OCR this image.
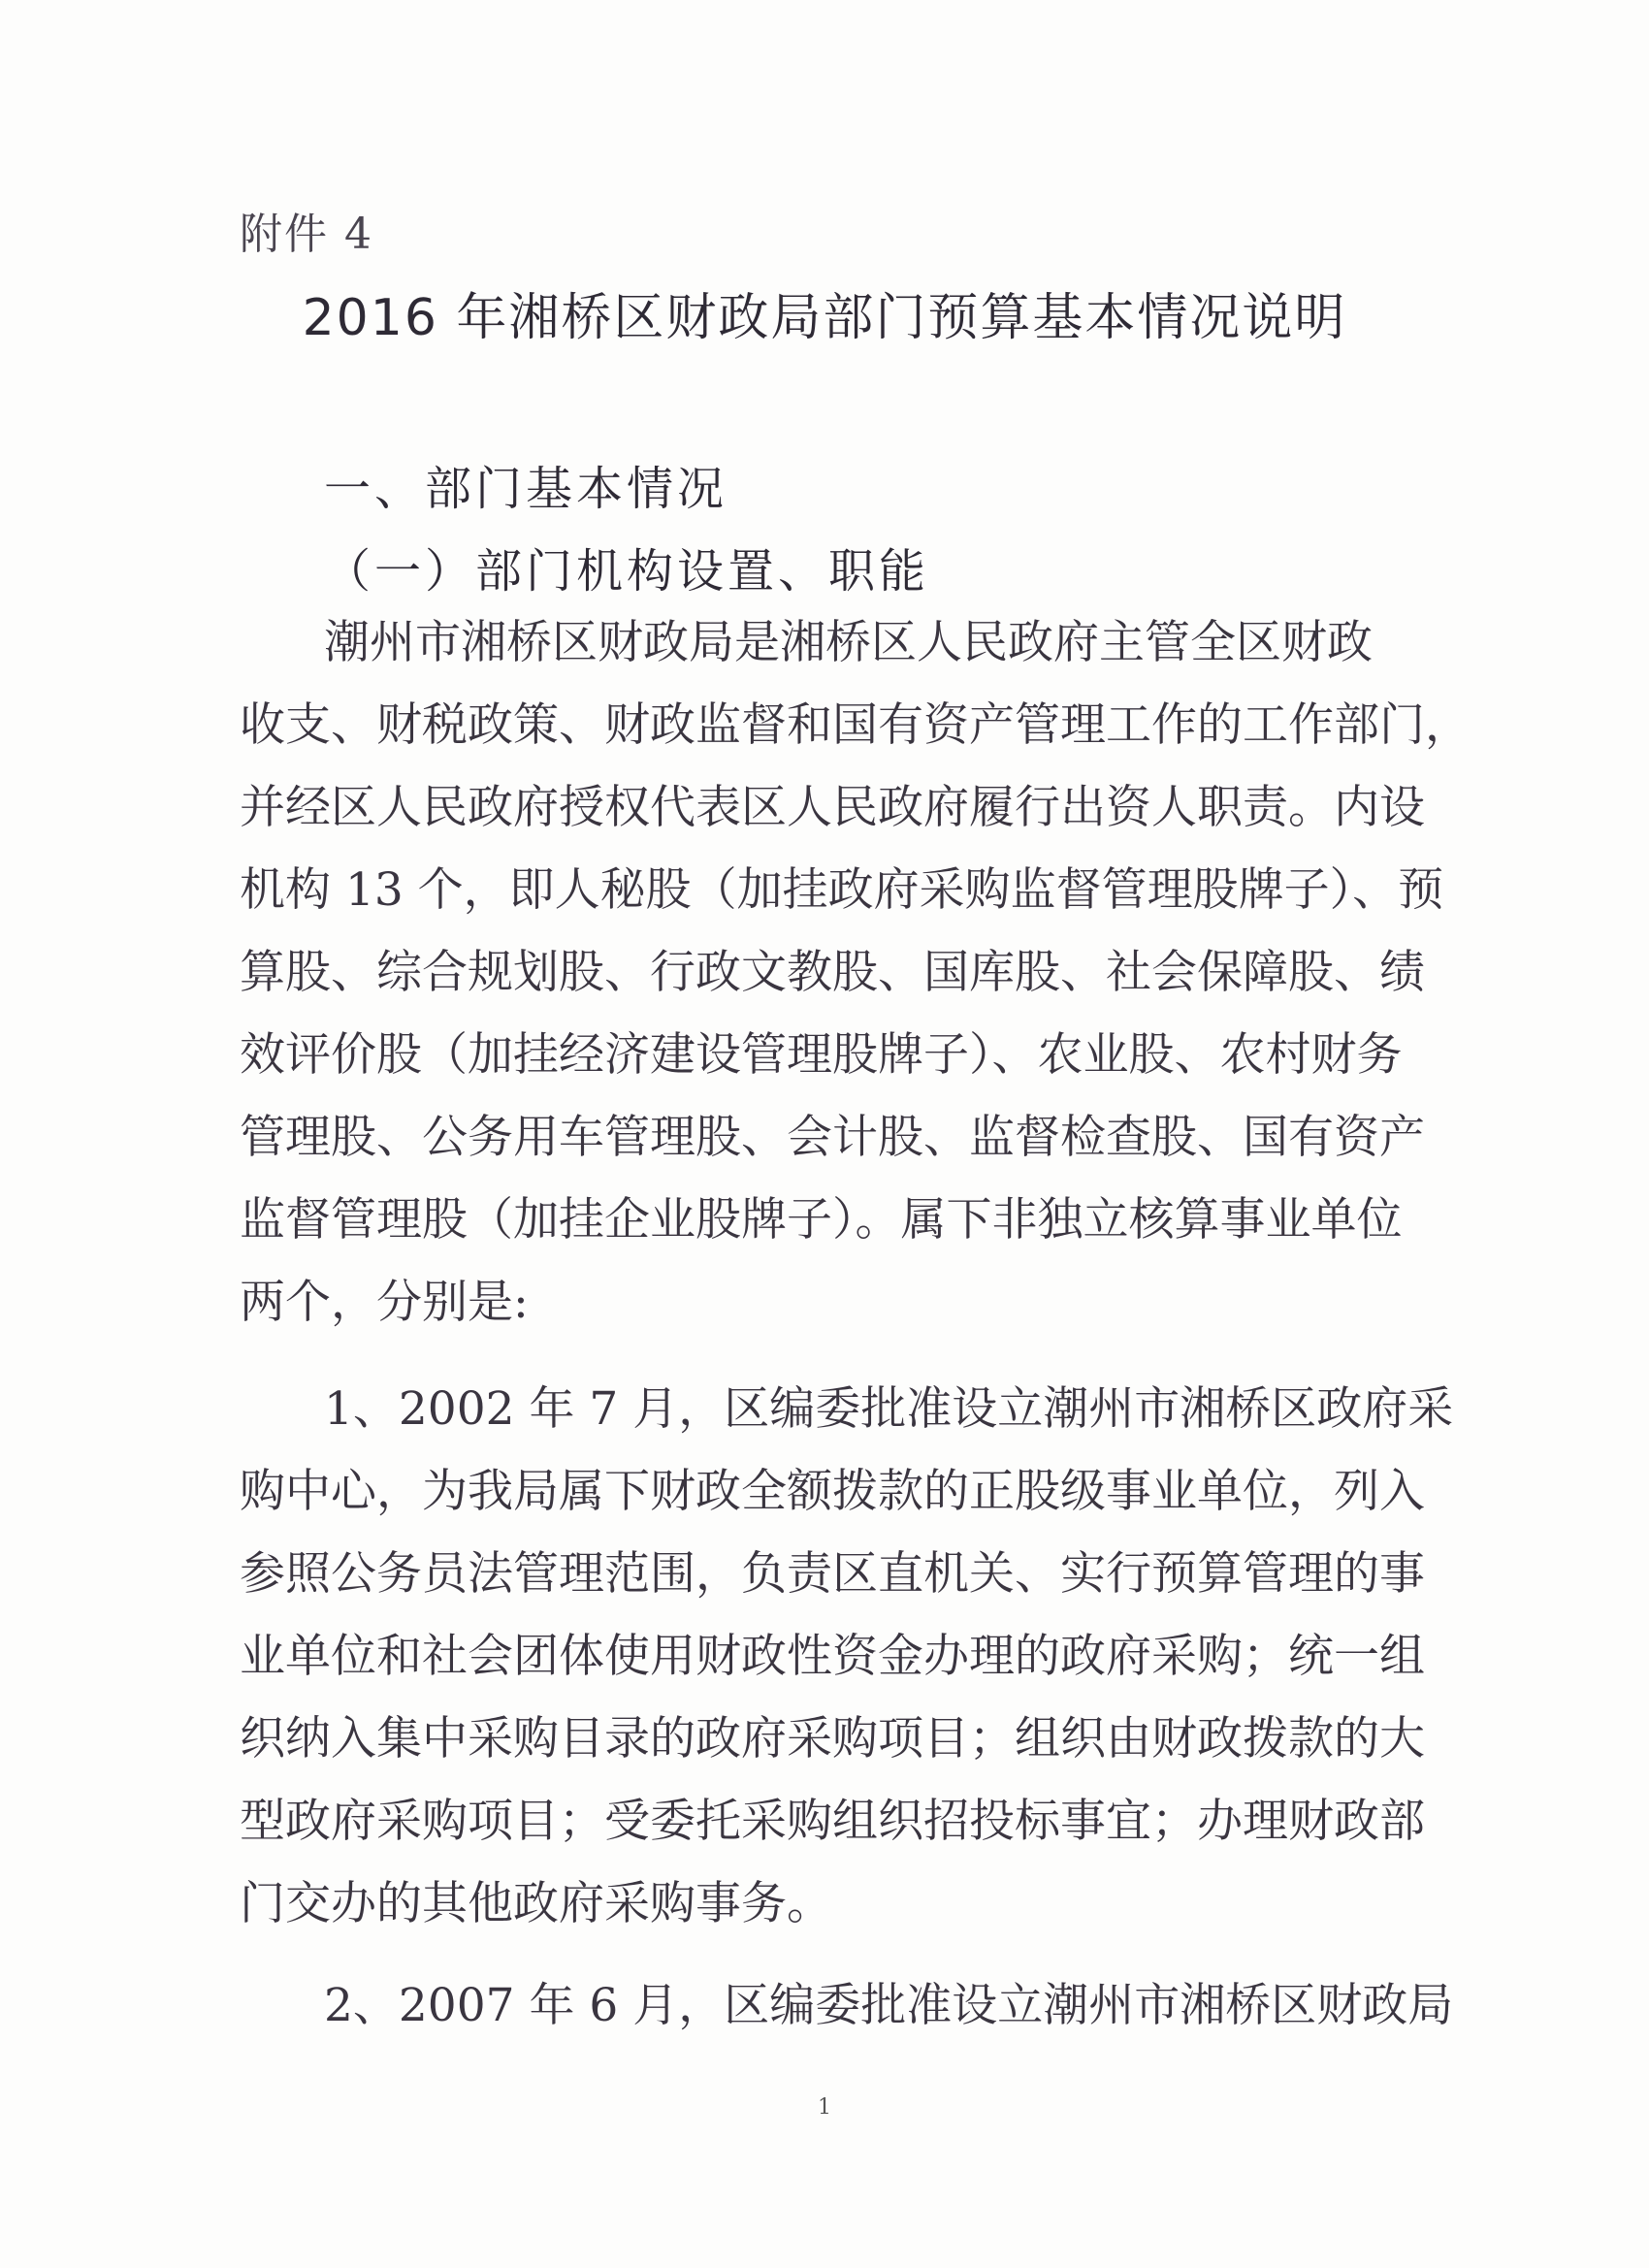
附件 4
2016 年湘桥区财政局部门预算基本情况说明
一、部门基本情况
（一）部门机构设置、职能
潮州市湘桥区财政局是湘桥区人民政府主管全区财政
收支、财税政策、财政监督和国有资产管理工作的工作部门，
并经区人民政府授权代表区人民政府履行出资人职责。内设
机构 13 个，即人秘股（加挂政府采购监督管理股牌子）、预
算股、综合规划股、行政文教股、国库股、社会保障股、绩
效评价股（加挂经济建设管理股牌子）、农业股、农村财务
管理股、公务用车管理股、会计股、监督检查股、国有资产
监督管理股（加挂企业股牌子）。属下非独立核算事业单位
两个，分别是:
1、2002 年 7 月，区编委批准设立潮州市湘桥区政府采
购中心，为我局属下财政全额拨款的正股级事业单位，列入
参照公务员法管理范围，负责区直机关、实行预算管理的事
业单位和社会团体使用财政性资金办理的政府采购；统一组
织纳入集中采购目录的政府采购项目；组织由财政拨款的大
型政府采购项目；受委托采购组织招投标事宜；办理财政部
门交办的其他政府采购事务。
2、2007 年 6 月，区编委批准设立潮州市湘桥区财政局
1
